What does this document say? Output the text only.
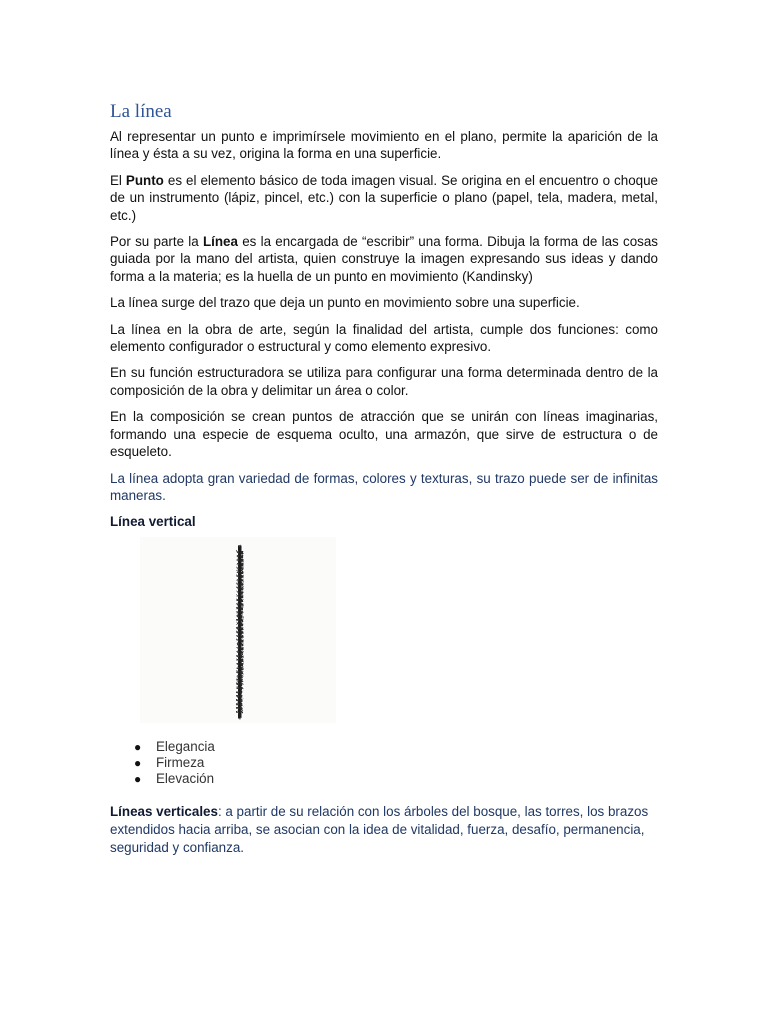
La línea

Al representar un punto e imprimírsele movimiento en el plano, permite la aparición de la línea y ésta a su vez, origina la forma en una superficie.

El Punto es el elemento básico de toda imagen visual. Se origina en el encuentro o choque de un instrumento (lápiz, pincel, etc.) con la superficie o plano (papel, tela, madera, metal, etc.)

Por su parte la Línea es la encargada de “escribir” una forma. Dibuja la forma de las cosas guiada por la mano del artista, quien construye la imagen expresando sus ideas y dando forma a la materia; es la huella de un punto en movimiento (Kandinsky)

La línea surge del trazo que deja un punto en movimiento sobre una superficie.

La línea en la obra de arte, según la finalidad del artista, cumple dos funciones: como elemento configurador o estructural y como elemento expresivo.

En su función estructuradora se utiliza para configurar una forma determinada dentro de la composición de la obra y delimitar un área o color.

En la composición se crean puntos de atracción que se unirán con líneas imaginarias, formando una especie de esquema oculto, una armazón, que sirve de estructura o de esqueleto.

La línea adopta gran variedad de formas, colores y texturas, su trazo puede ser de infinitas maneras.

Línea vertical
● Elegancia
● Firmeza
● Elevación

Líneas verticales: a partir de su relación con los árboles del bosque, las torres, los brazos extendidos hacia arriba, se asocian con la idea de vitalidad, fuerza, desafío, permanencia, seguridad y confianza.
